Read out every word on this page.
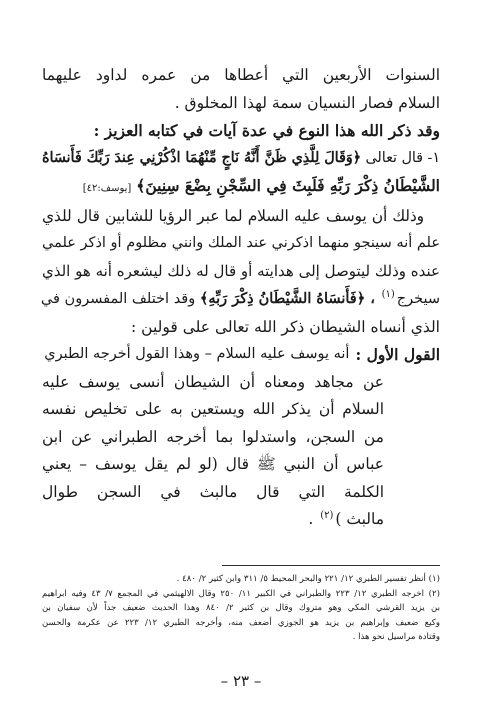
السنوات الأربعين التي أعطاها من عمره لداود عليهما

السلام فصار النسيان سمة لهذا المخلوق .

وقد ذكر الله هذا النوع في عدة آيات في كتابه العزيز :

١- قال تعالى ﴿وَقَالَ لِلَّذِي ظَنَّ أَنَّهُ نَاجٍ مِّنْهُمَا اذْكُرْنِي عِندَ رَبِّكَ فَأَنسَاهُ

الشَّيْطَانُ ذِكْرَ رَبِّهِ فَلَبِثَ فِي السِّجْنِ بِضْعَ سِنِينَ﴾ [يوسف:٤٢]

وذلك أن يوسف عليه السلام لما عبر الرؤيا للشابين قال للذي

علم أنه سينجو منهما اذكرني عند الملك وانني مظلوم أو اذكر علمي

عنده وذلك ليتوصل إلى هدايته أو قال له ذلك ليشعره أنه هو الذي

سيخرج$^{(١)}$ ، ﴿فَأَنسَاهُ الشَّيْطَانُ ذِكْرَ رَبِّهِ﴾ وقد اختلف المفسرون في

الذي أنساه الشيطان ذكر الله تعالى على قولين :

القول الأول :
أنه يوسف عليه السلام – وهذا القول أخرجه الطبري

عن مجاهد ومعناه أن الشيطان أنسى يوسف عليه

السلام أن يذكر الله ويستعين به على تخليص نفسه

من السجن، واستدلوا بما أخرجه الطبراني عن ابن

عباس أن النبي ﷺ قال (لو لم يقل يوسف – يعني

الكلمة التي قال مالبث في السجن طوال

مالبث )$^{(٢)}$ .

(١) أنظر تفسير الطبري ١٢/ ٢٢١ والبحر المحيط ٥/ ٣١١ وابن كثير ٢/ ٤٨٠ .

(٢) اخرجه الطبري ١٢/ ٢٢٣ والطبراني في الكبير ١١/ ٢٥٠ وقال الالهيثمي في المجمع ٧/ ٤٣ وفيه ابراهيم

بن يزيد القرشي المكي وهو متروك وقال بن كثير ٢/ ٨٤٠ وهذا الحديث ضعيف جداً لأن سفيان بن

وكيع ضعيف وإبراهيم بن يزيد هو الجوزي أضعف منه، وأخرجه الطبري ١٢/ ٢٢٣ عن عكرمة والحسن

وقتادة مراسيل نحو هذا .

– ٢٣ –
